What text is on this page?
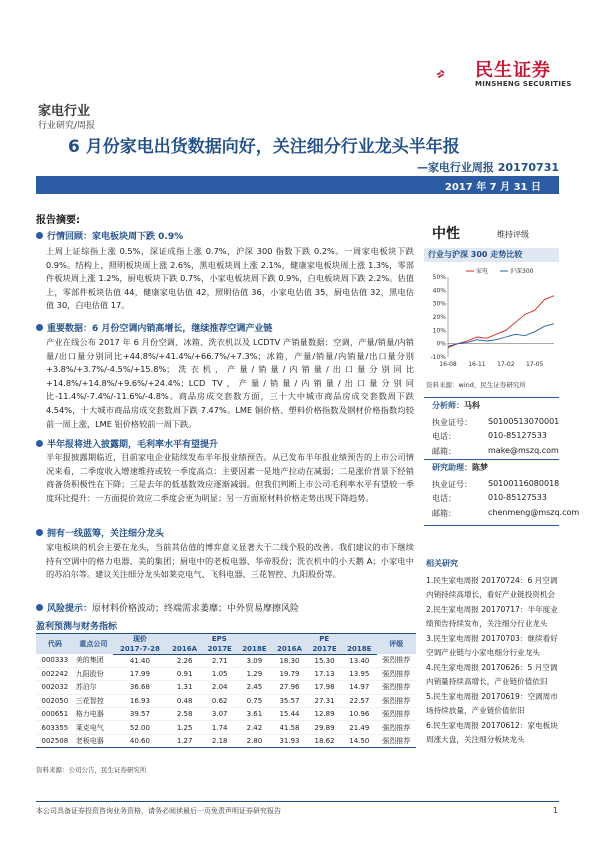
民生证券
MINSHENG SECURITIES
家电行业
行业研究/周报
6 月份家电出货数据向好，关注细分行业龙头半年报
—家电行业周报 20170731
2017 年 7 月 31 日
报告摘要:
行情回顾：家电板块周下跌 0.9%
上周上证综指上涨 0.5%，深证成指上涨 0.7%，沪深 300 指数下跌 0.2%。一周家电板块下跌 0.9%。结构上，照明板块周上涨 2.6%，黑电板块周上涨 2.1%，健康家电板块周上涨 1.3%，零部件板块周上涨 1.2%，厨电板块下跌 0.7%，小家电板块周下跌 0.9%，白电板块周下跌 2.2%。估值上，零部件板块估值 44，健康家电估值 42，照明估值 36，小家电估值 35，厨电估值 32，黑电估值 30，白电估值 17。
重要数据：6 月份空调内销高增长，继续推荐空调产业链
产业在线公布 2017 年 6 月份空调、冰箱、洗衣机以及 LCDTV 产销量数据：空调，产量/销量/内销量/出口量分别同比+44.8%/+41.4%/+66.7%/+7.3%；冰箱，产量/销量/内销量/出口量分别+3.8%/+3.7%/-4.5%/+15.8%；洗衣机，产量/销量/内销量/出口量分别同比+14.8%/+14.8%/+9.6%/+24.4%；LCD TV，产量/销量/内销量/出口量分别同比-11.4%/-7.4%/-11.6%/-4.8%。商品房成交套数方面，三十大中城市商品房成交套数周下跌 4.54%，十大城市商品房成交套数周下跌 7.47%。LME 铜价格、塑料价格指数及钢材价格指数均较前一周上涨，LME 铝价格较前一周下跌。
半年报将进入披露期，毛利率水平有望提升
半年报披露期临近，目前家电企业陆续发布半年报业绩预告。从已发布半年报业绩预告的上市公司情况来看，二季度收入增速维持或较一季度高点：主要因素一是地产拉动在减弱；二是涨价背景下经销商备货积极性在下降；三是去年的低基数效应逐渐减弱。但我们判断上市公司毛利率水平有望较一季度环比提升：一方面提价效应二季度会更为明显；另一方面原材料价格走势出现下降趋势。
拥有一线蓝筹，关注细分龙头
家电板块的机会主要在龙头，当前其估值的博弈意义显著大于二线个股的改善。我们建议的市下继续持有空调中的格力电器、美的集团；厨电中的老板电器、华帝股份；洗衣机中的小天鹅 A；小家电中的苏泊尔等。建议关注细分龙头如莱克电气、飞科电器、三花智控、九阳股份等。
风险提示：原材料价格波动；终端需求萎靡；中外贸易摩擦风险
盈利预测与财务指标
代码	重点公司	现价	EPS			PE			评级
		2017-7-28	2016A	2017E	2018E	2016A	2017E	2018E	
000333	美的集团	41.40	2.26	2.71	3.09	18.30	15.30	13.40	强烈推荐
002242	九阳股份	17.99	0.91	1.05	1.29	19.79	17.13	13.95	强烈推荐
002032	苏泊尔	36.68	1.31	2.04	2.45	27.96	17.98	14.97	强烈推荐
002050	三花智控	16.93	0.48	0.62	0.75	35.57	27.31	22.57	强烈推荐
000651	格力电器	39.57	2.58	3.07	3.61	15.44	12.89	10.96	强烈推荐
603355	莱克电气	52.00	1.25	1.74	2.42	41.58	29.89	21.49	强烈推荐
002508	老板电器	40.60	1.27	2.18	2.80	31.93	18.62	14.50	强烈推荐
资料来源：公司公告，民生证券研究所
中性	维持评级
行业与沪深 300 走势比较
50%
40%
30%
20%
10%
0%
-10%
16-08 16-11 17-02 17-05
家电	沪深300
资料来源：wind，民生证券研究所
分析师：马科
执业证号： S0100513070001
电话：	010-85127533
邮箱：	make@mszq.com
研究助理：陈梦
执业证号： S0100116080018
电话：	010-85127533
邮箱：	chenmeng@mszq.com
相关研究
1.民生家电周报 20170724：6 月空调内销持续高增长，看好产业链投资机会
2.民生家电周报 20170717：半年度业绩预告持续发布，关注细分行业龙头
3.民生家电周报 20170703：继续看好空调产业链与小家电细分行业龙头
4.民生家电周报 20170626：5 月空调内销量持续高增长，产业链价值依旧
5.民生家电周报 20170619：空调周市场持续放量，产业链价值依旧
6.民生家电周报 20170612：家电板块周涨大盘，关注细分板块龙头
本公司具备证券投资咨询业务资格，请务必阅读最后一页免责声明证券研究报告	1
